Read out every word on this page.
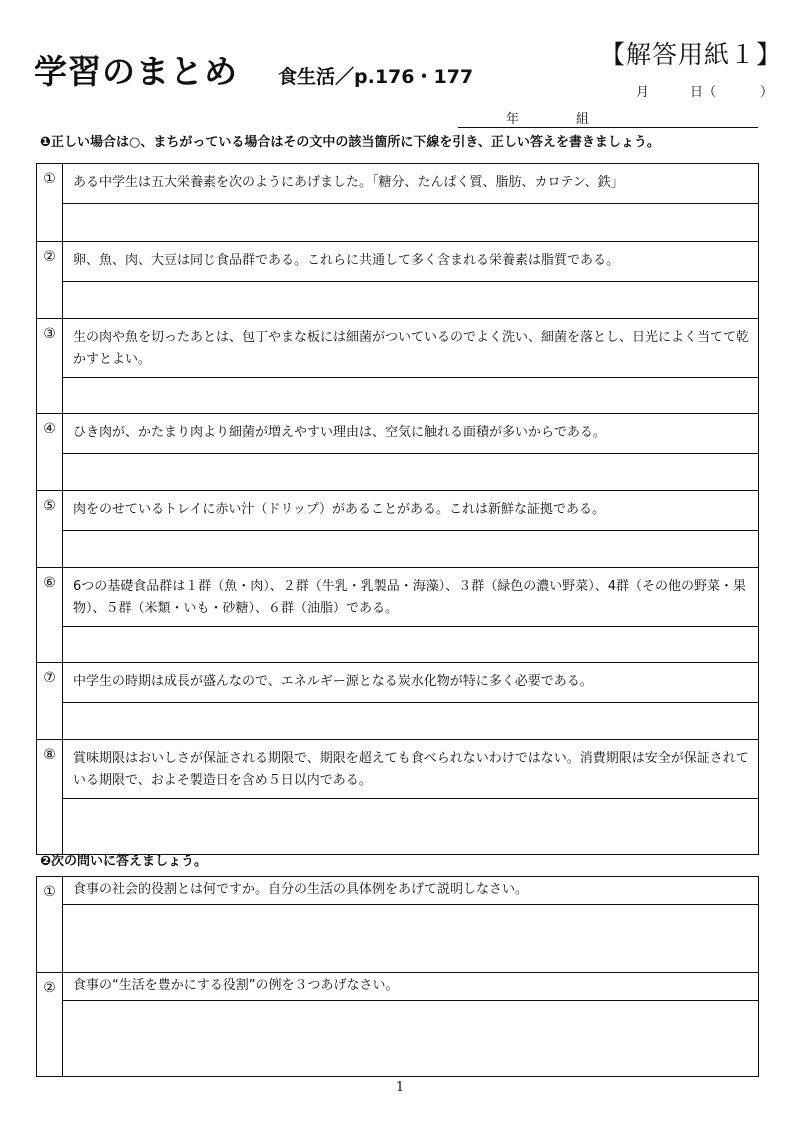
学習のまとめ 食生活／p.176・177
【解答用紙１】
月	日（	）
年	組
❶正しい場合は○、まちがっている場合はその文中の該当箇所に下線を引き、正しい答えを書きましょう。
①	ある中学生は五大栄養素を次のようにあげました。「糖分、たんぱく質、脂肪、カロテン、鉄」
②	卵、魚、肉、大豆は同じ食品群である。これらに共通して多く含まれる栄養素は脂質である。
③	生の肉や魚を切ったあとは、包丁やまな板には細菌がついているのでよく洗い、細菌を落とし、日光によく当てて乾かすとよい。
④	ひき肉が、かたまり肉より細菌が増えやすい理由は、空気に触れる面積が多いからである。
⑤	肉をのせているトレイに赤い汁（ドリップ）があることがある。これは新鮮な証拠である。
⑥	6つの基礎食品群は１群（魚・肉）、２群（牛乳・乳製品・海藻）、３群（緑色の濃い野菜）、4群（その他の野菜・果物）、５群（米類・いも・砂糖）、６群（油脂）である。
⑦	中学生の時期は成長が盛んなので、エネルギー源となる炭水化物が特に多く必要である。
⑧	賞味期限はおいしさが保証される期限で、期限を超えても食べられないわけではない。消費期限は安全が保証されている期限で、およそ製造日を含め５日以内である。
❷次の問いに答えましょう。
①	食事の社会的役割とは何ですか。自分の生活の具体例をあげて説明しなさい。
②	食事の“生活を豊かにする役割”の例を３つあげなさい。
1
